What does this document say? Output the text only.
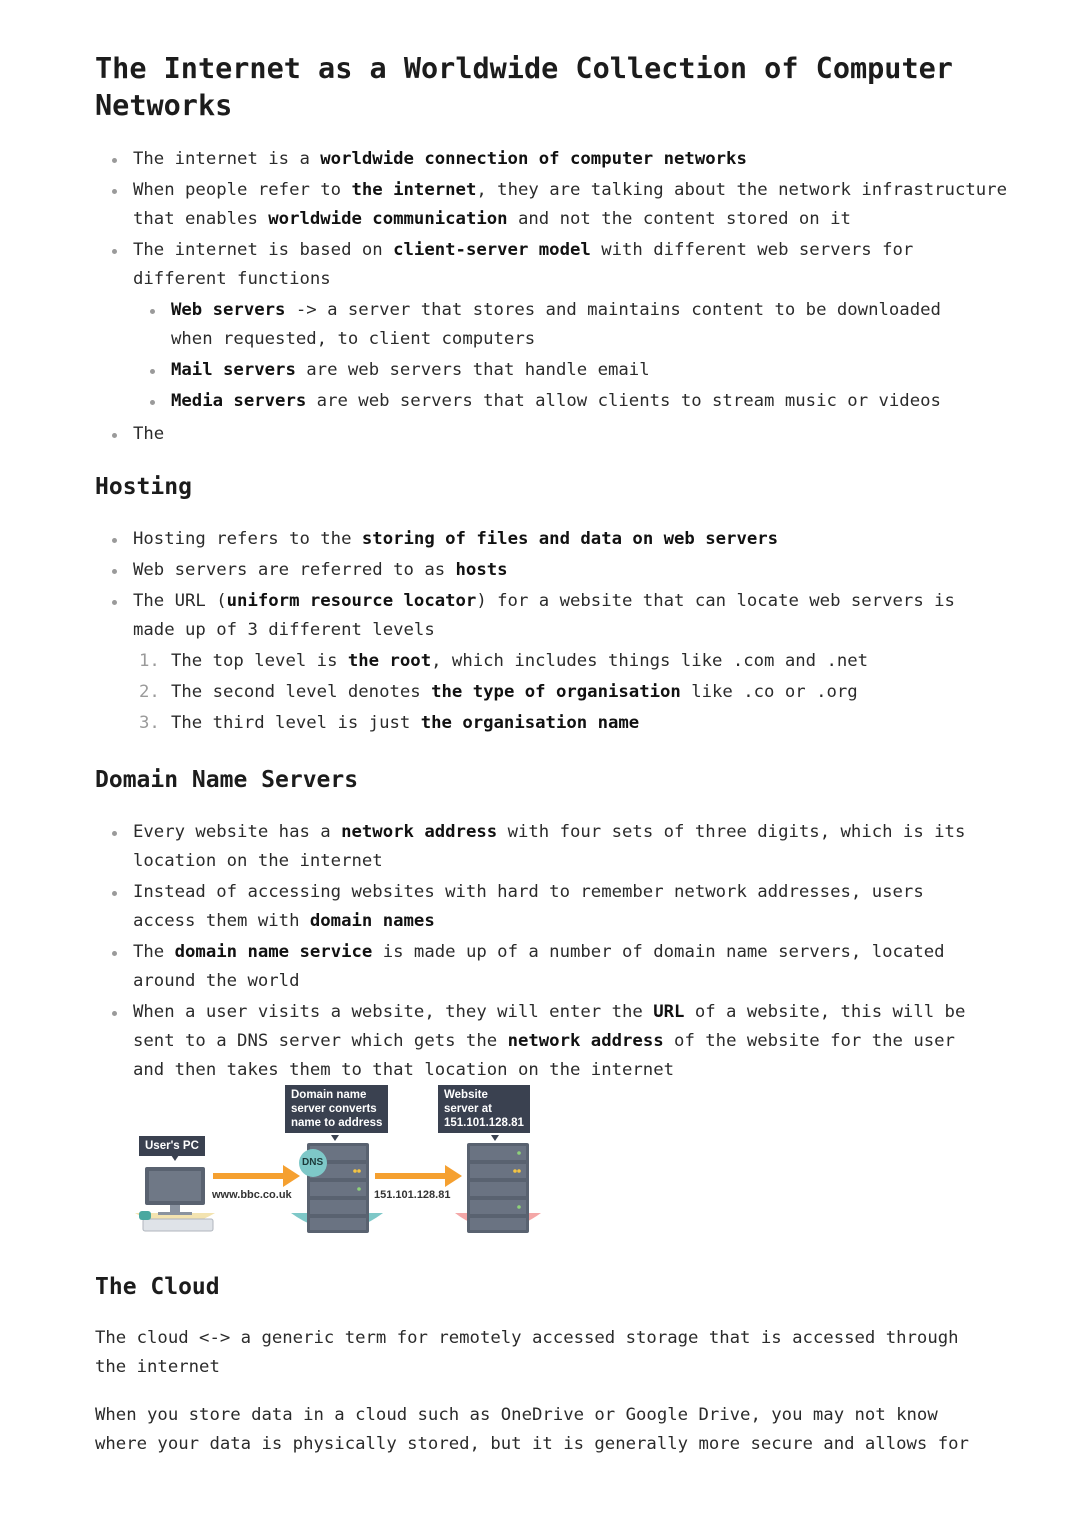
The Internet as a Worldwide Collection of Computer
Networks
The internet is a worldwide connection of computer networks
When people refer to the internet, they are talking about the network infrastructure
that enables worldwide communication and not the content stored on it
The internet is based on client-server model with different web servers for
different functions
Web servers -> a server that stores and maintains content to be downloaded
when requested, to client computers
Mail servers are web servers that handle email
Media servers are web servers that allow clients to stream music or videos
The
Hosting
Hosting refers to the storing of files and data on web servers
Web servers are referred to as hosts
The URL (uniform resource locator) for a website that can locate web servers is
made up of 3 different levels
1. The top level is the root, which includes things like .com and .net
2. The second level denotes the type of organisation like .co or .org
3. The third level is just the organisation name
Domain Name Servers
Every website has a network address with four sets of three digits, which is its
location on the internet
Instead of accessing websites with hard to remember network addresses, users
access them with domain names
The domain name service is made up of a number of domain name servers, located
around the world
When a user visits a website, they will enter the URL of a website, this will be
sent to a DNS server which gets the network address of the website for the user
and then takes them to that location on the internet
User's PC
Domain name
server converts
name to address
Website
server at
151.101.128.81
DNS
www.bbc.co.uk	151.101.128.81
The Cloud
The cloud <-> a generic term for remotely accessed storage that is accessed through
the internet
When you store data in a cloud such as OneDrive or Google Drive, you may not know
where your data is physically stored, but it is generally more secure and allows for
